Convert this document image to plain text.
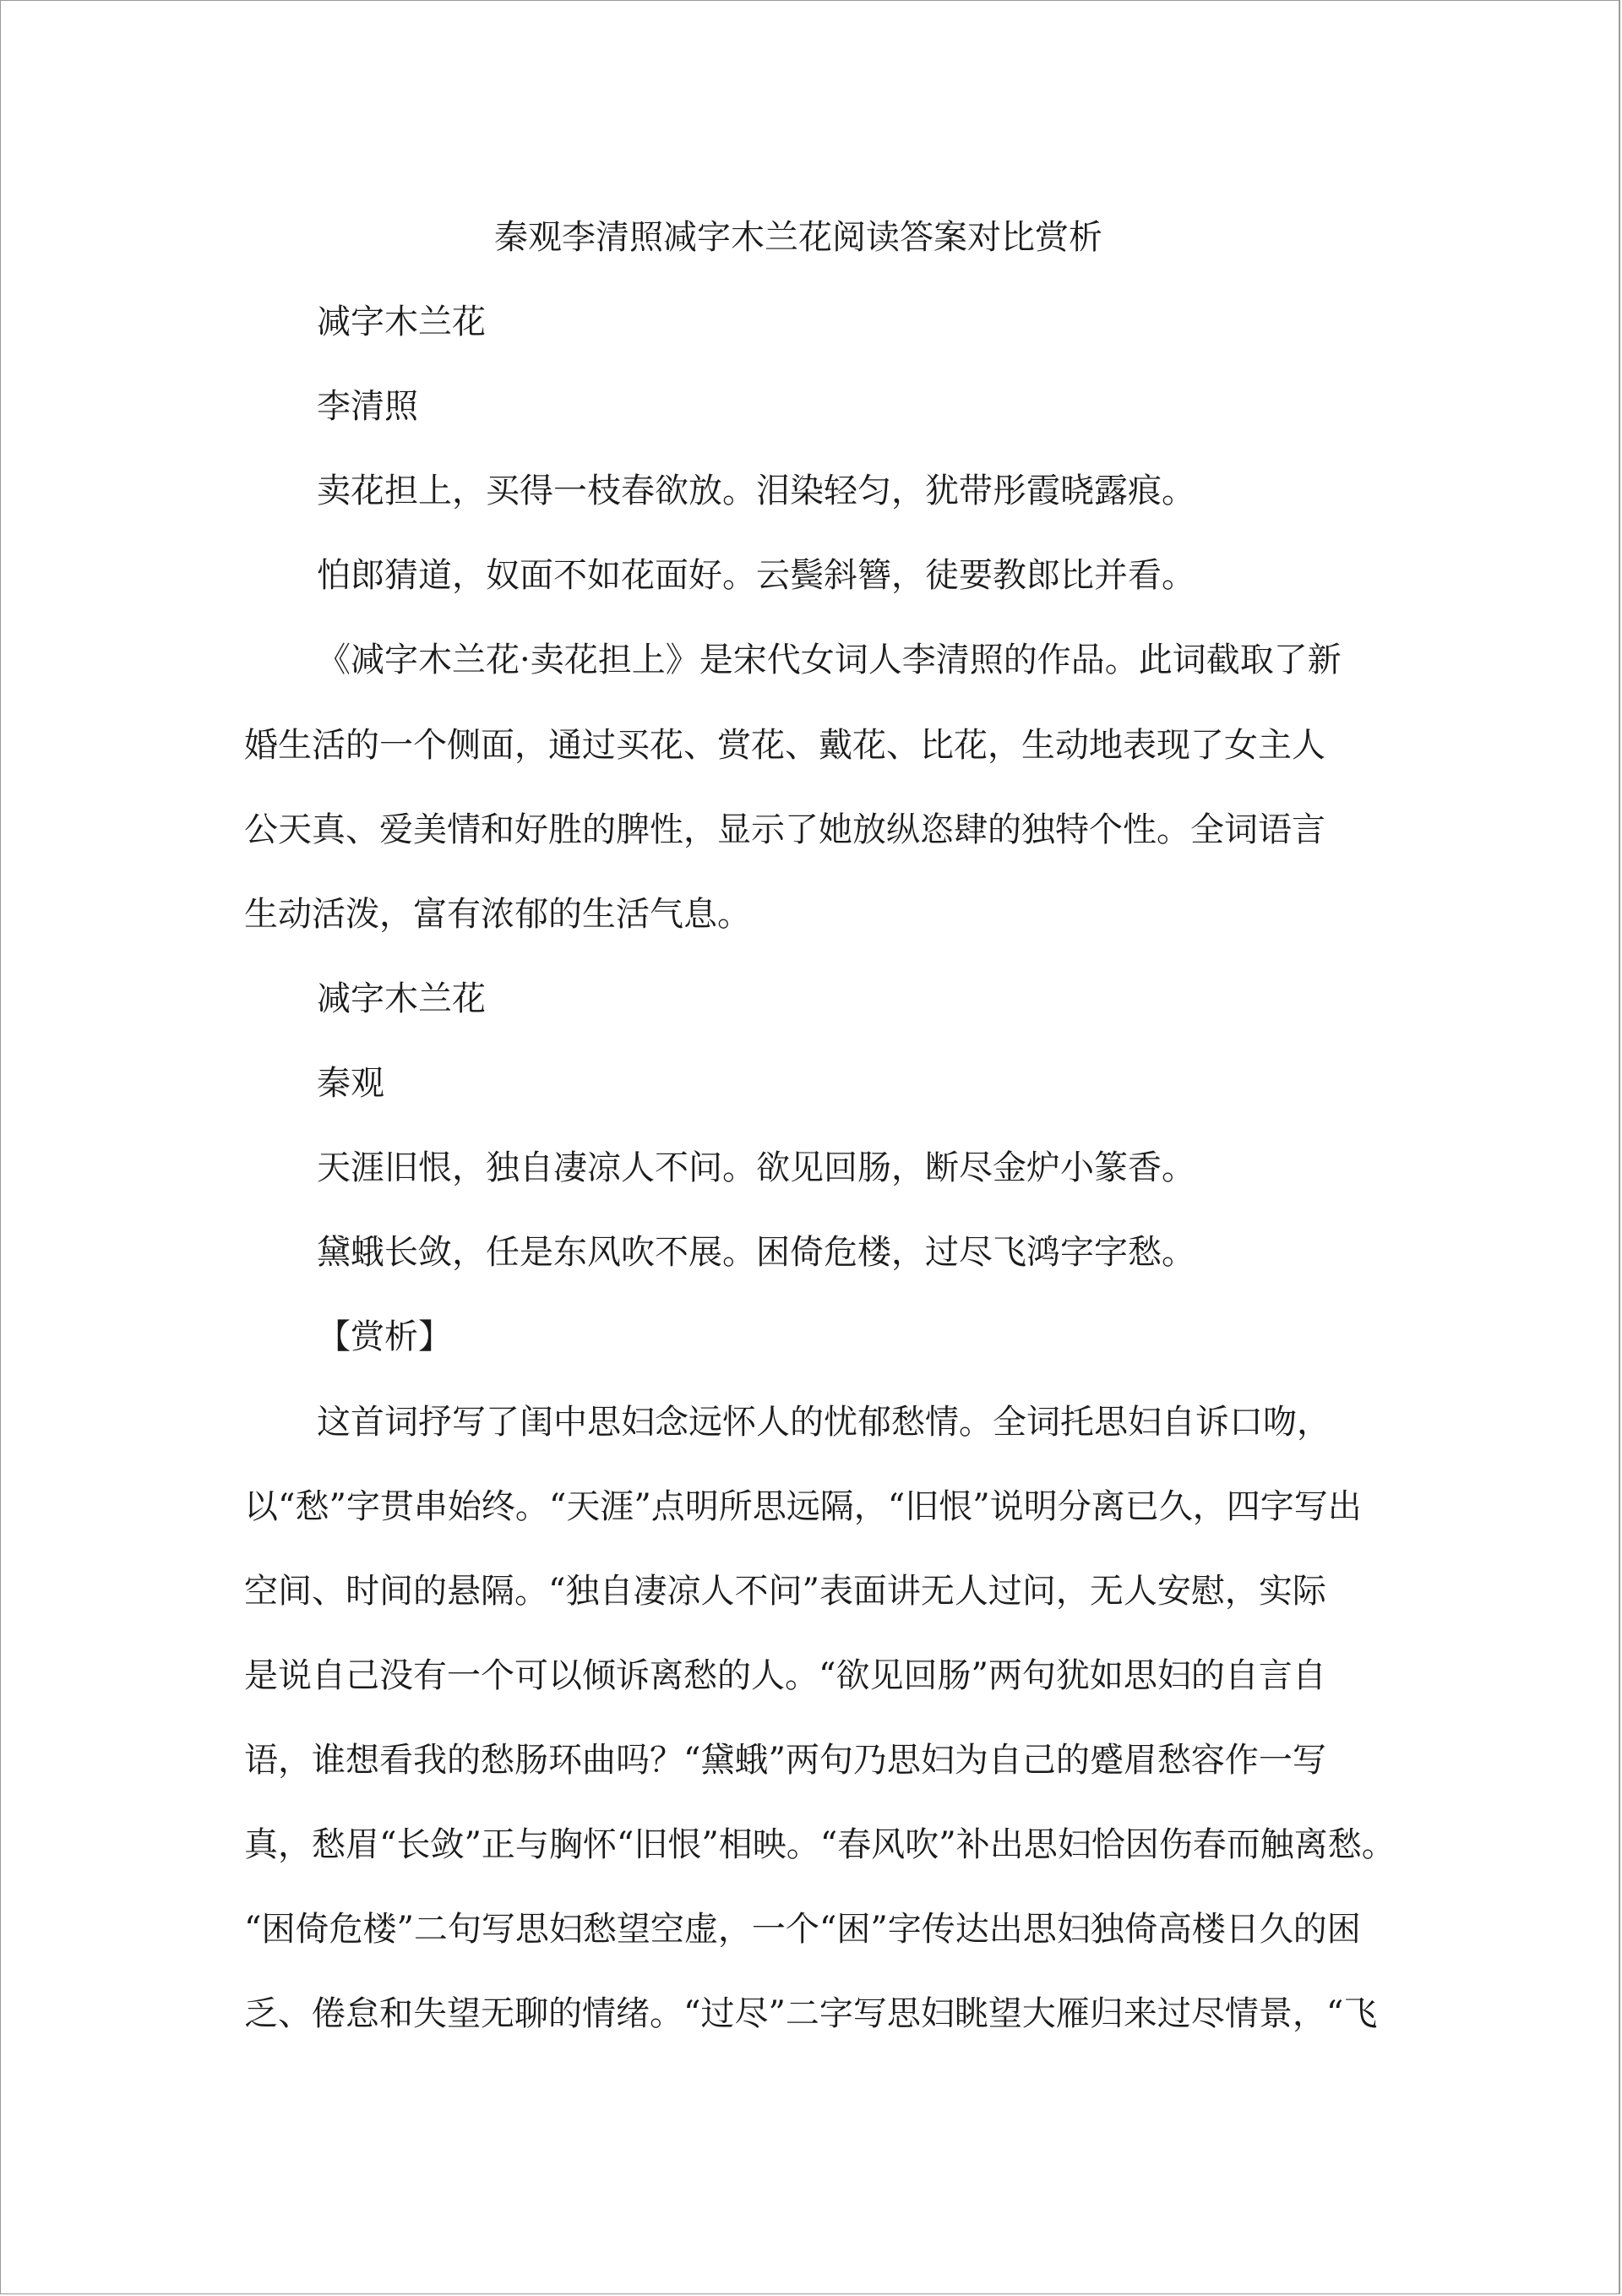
秦观李清照减字木兰花阅读答案对比赏析
减字木兰花
李清照
卖花担上，买得一枝春欲放。泪染轻匀，犹带彤霞晓露痕。
怕郎猜道，奴面不如花面好。云鬓斜簪，徒要教郎比并看。
《减字木兰花·卖花担上》是宋代女词人李清照的作品。此词截取了新
婚生活的一个侧面，通过买花、赏花、戴花、比花，生动地表现了女主人
公天真、爱美情和好胜的脾性，显示了她放纵恣肆的独特个性。全词语言
生动活泼，富有浓郁的生活气息。
减字木兰花
秦观
天涯旧恨，独自凄凉人不问。欲见回肠，断尽金炉小篆香。
黛蛾长敛，任是东风吹不展。困倚危楼，过尽飞鸿字字愁。
【赏析】
这首词抒写了闺中思妇念远怀人的忧郁愁情。全词托思妇自诉口吻，
以“愁”字贯串始终。“天涯”点明所思远隔，“旧恨”说明分离已久，四字写出
空间、时间的悬隔。“独自凄凉人不问”表面讲无人过问，无人安慰，实际
是说自己没有一个可以倾诉离愁的人。“欲见回肠”两句犹如思妇的自言自
语，谁想看我的愁肠环曲吗？“黛蛾”两句乃思妇为自己的蹙眉愁容作一写
真，愁眉“长敛”正与胸怀“旧恨”相映。“春风吹”补出思妇恰因伤春而触离愁。
“困倚危楼”二句写思妇愁望空虚，一个“困”字传达出思妇独倚高楼日久的困
乏、倦怠和失望无聊的情绪。“过尽”二字写思妇眺望大雁归来过尽情景，“飞
